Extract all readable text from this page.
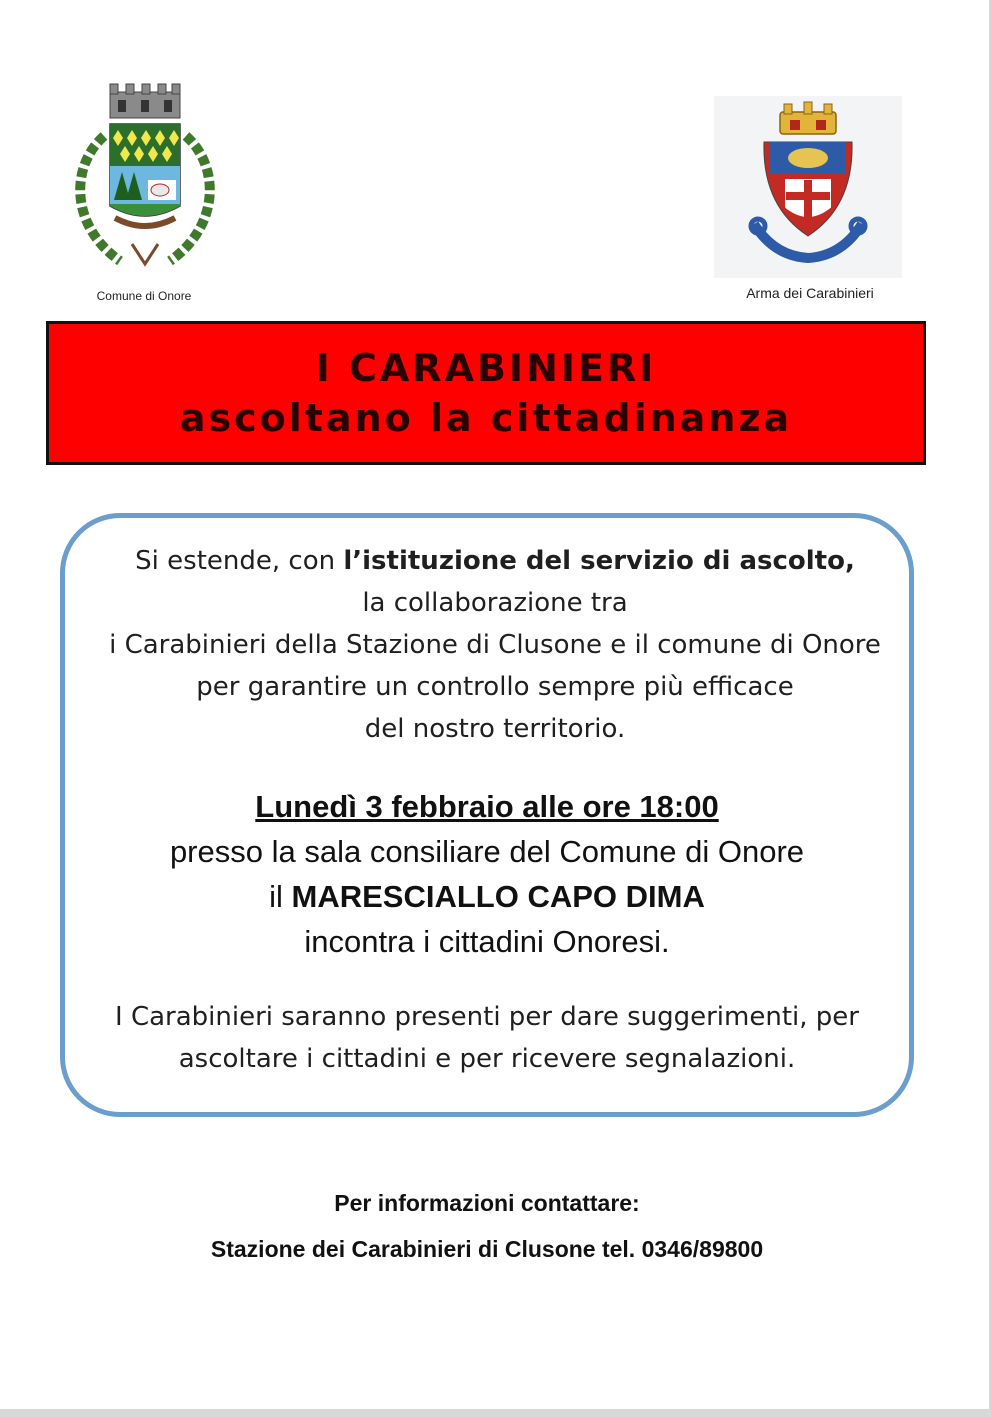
Comune di Onore	Arma dei Carabinieri
I CARABINIERI
ascoltano la cittadinanza

Si estende, con l’istituzione del servizio di ascolto,

la collaborazione tra

i Carabinieri della Stazione di Clusone e il comune di Onore

per garantire un controllo sempre più efficace

del nostro territorio.

Lunedì 3 febbraio alle ore 18:00

presso la sala consiliare del Comune di Onore

il MARESCIALLO CAPO DIMA

incontra i cittadini Onoresi.

I Carabinieri saranno presenti per dare suggerimenti, per

ascoltare i cittadini e per ricevere segnalazioni.

Per informazioni contattare:

Stazione dei Carabinieri di Clusone tel. 0346/89800
